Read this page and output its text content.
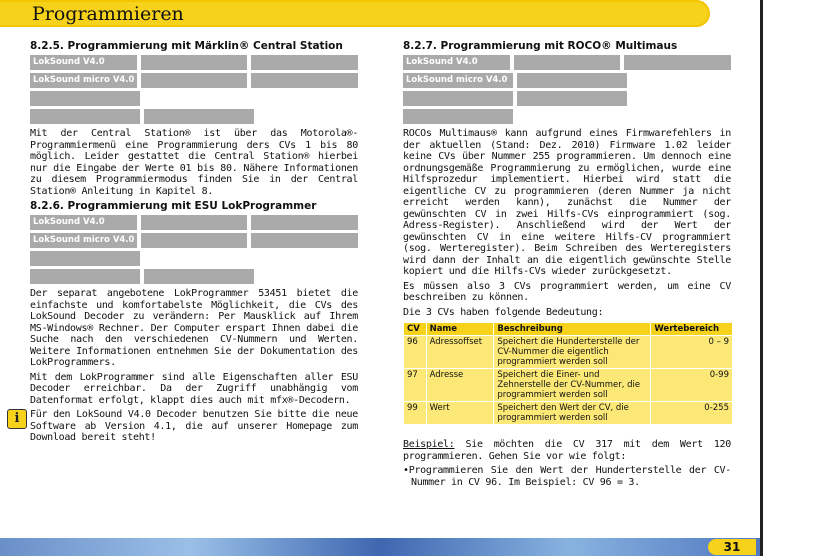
Programmieren
8.2.5. Programmierung mit Märklin® Central Station
LokSound V4.0
LokSound micro V4.0

Mit der Central Station® ist über das Motorola®-Programmiermenü eine Programmierung ders CVs 1 bis 80 möglich. Leider gestattet die Central Station® hierbei nur die Eingabe der Werte 01 bis 80. Nähere Informationen zu diesem Programmiermodus finden Sie in der Central Station® Anleitung in Kapitel 8.

8.2.6. Programmierung mit ESU LokProgrammer
LokSound V4.0
LokSound micro V4.0

Der separat angebotene LokProgrammer 53451 bietet die einfachste und komfortabelste Möglichkeit, die CVs des LokSound Decoder zu verändern: Per Mausklick auf Ihrem MS-Windows® Rechner. Der Computer erspart Ihnen dabei die Suche nach den verschiedenen CV-Nummern und Werten. Weitere Informationen entnehmen Sie der Dokumentation des LokProgrammers.

Mit dem LokProgrammer sind alle Eigenschaften aller ESU Decoder erreichbar. Da der Zugriff unabhängig vom Datenformat erfolgt, klappt dies auch mit mfx®-Decodern.

i	Für den LokSound V4.0 Decoder benutzen Sie bitte die neue Software ab Version 4.1, die auf unserer Homepage zum Download bereit steht!

8.2.7. Programmierung mit ROCO® Multimaus
LokSound V4.0
LokSound micro V4.0

ROCOs Multimaus® kann aufgrund eines Firmwarefehlers in der aktuellen (Stand: Dez. 2010) Firmware 1.02 leider keine CVs über Nummer 255 programmieren. Um dennoch eine ordnungsgemäße Programmierung zu ermöglichen, wurde eine Hilfsprozedur implementiert. Hierbei wird statt die eigentliche CV zu programmieren (deren Nummer ja nicht erreicht werden kann), zunächst die Nummer der gewünschten CV in zwei Hilfs-CVs einprogrammiert (sog. Adress-Register). Anschließend wird der Wert der gewünschten CV in eine weitere Hilfs-CV programmiert (sog. Werteregister). Beim Schreiben des Werteregisters wird dann der Inhalt an die eigentlich gewünschte Stelle kopiert und die Hilfs-CVs wieder zurückgesetzt.

Es müssen also 3 CVs programmiert werden, um eine CV beschreiben zu können.

Die 3 CVs haben folgende Bedeutung:

CV	Name	Beschreibung	Wertebereich
96	Adressoffset	Speichert die Hunderterstelle der CV-Nummer die eigentlich programmiert werden soll	0 – 9
97	Adresse	Speichert die Einer- und Zehnerstelle der CV-Nummer, die programmiert werden soll	0-99
99	Wert	Speichert den Wert der CV, die programmiert werden soll	0-255

Beispiel: Sie möchten die CV 317 mit dem Wert 120 programmieren. Gehen Sie vor wie folgt:

•Programmieren Sie den Wert der Hunderterstelle der CV-Nummer in CV 96. Im Beispiel: CV 96 = 3.

31
